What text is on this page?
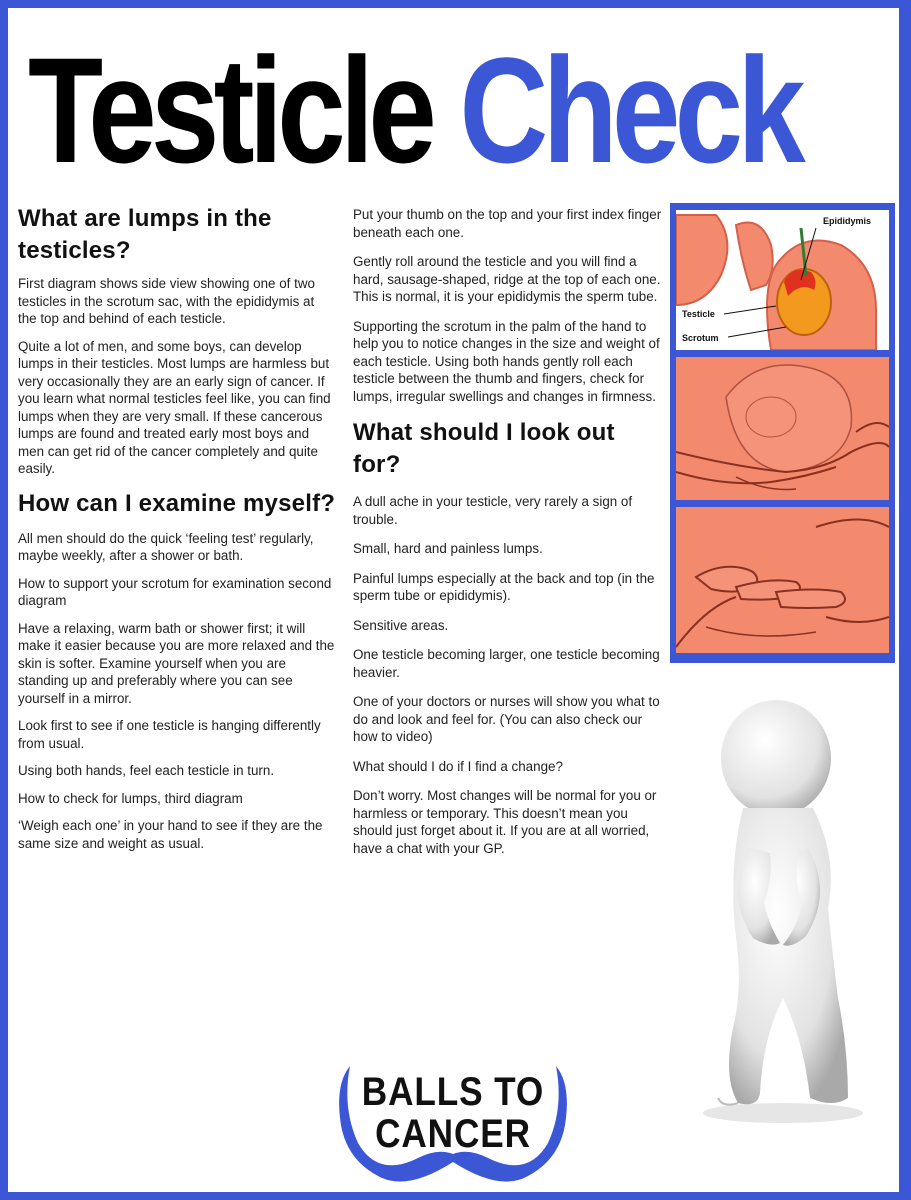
Testicle Check
What are lumps in the testicles?

First diagram shows side view showing one of two testicles in the scrotum sac, with the epididymis at the top and behind of each testicle.

Quite a lot of men, and some boys, can develop lumps in their testicles. Most lumps are harmless but very occasionally they are an early sign of cancer. If you learn what normal testicles feel like, you can find lumps when they are very small. If these cancerous lumps are found and treated early most boys and men can get rid of the cancer completely and quite easily.

How can I examine myself?

All men should do the quick ‘feeling test’ regularly, maybe weekly, after a shower or bath.

How to support your scrotum for examination second diagram

Have a relaxing, warm bath or shower first; it will make it easier because you are more relaxed and the skin is softer. Examine yourself when you are standing up and preferably where you can see yourself in a mirror.

Look first to see if one testicle is hanging differently from usual.

Using both hands, feel each testicle in turn.

How to check for lumps, third diagram

‘Weigh each one’ in your hand to see if they are the same size and weight as usual.

Put your thumb on the top and your first index finger beneath each one.

Gently roll around the testicle and you will find a hard, sausage-shaped, ridge at the top of each one. This is normal, it is your epididymis the sperm tube.

Supporting the scrotum in the palm of the hand to help you to notice changes in the size and weight of each testicle. Using both hands gently roll each testicle between the thumb and fingers, check for lumps, irregular swellings and changes in firmness.

What should I look out for?

A dull ache in your testicle, very rarely a sign of trouble.

Small, hard and painless lumps.

Painful lumps especially at the back and top (in the sperm tube or epididymis).

Sensitive areas.

One testicle becoming larger, one testicle becoming heavier.

One of your doctors or nurses will show you what to do and look and feel for. (You can also check our how to video)

What should I do if I find a change?

Don’t worry. Most changes will be normal for you or harmless or temporary. This doesn’t mean you should just forget about it. If you are at all worried, have a chat with your GP.

Epididymis
Testicle
Scrotum
BALLS TO
CANCER
